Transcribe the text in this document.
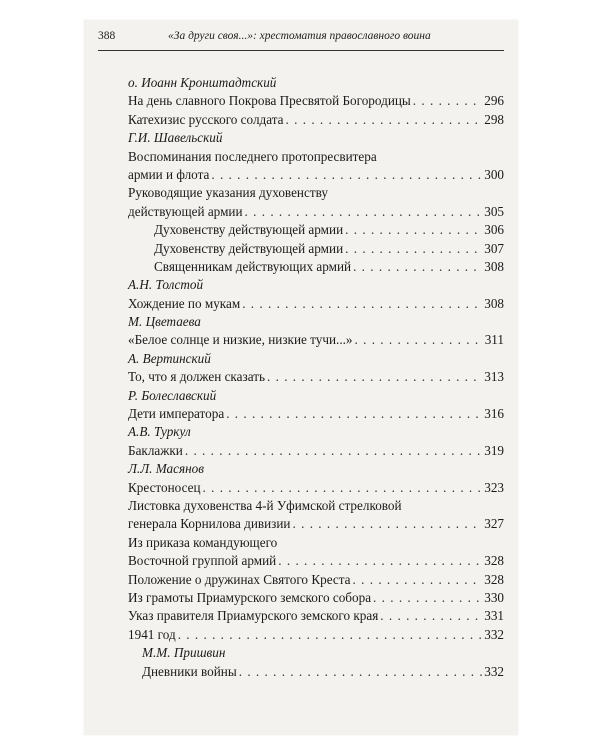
388	«За други своя...»: хрестоматия православного воина
о. Иоанн Кронштадтский
На день славного Покрова Пресвятой Богородицы . . .	296
Катехизис русского солдата . . .	298
Г.И. Шавельский
Воспоминания последнего протопресвитера
армии и флота . . .	300
Руководящие указания духовенству
действующей армии . . .	305
Духовенству действующей армии . . .	306
Духовенству действующей армии . . .	307
Священникам действующих армий . . .	308
А.Н. Толстой
Хождение по мукам . . .	308
М. Цветаева
«Белое солнце и низкие, низкие тучи...» . . .	311
А. Вертинский
То, что я должен сказать . . .	313
Р. Болеславский
Дети императора . . .	316
А.В. Туркул
Баклажки . . .	319
Л.Л. Масянов
Крестоносец . . .	323
Листовка духовенства 4-й Уфимской стрелковой
генерала Корнилова дивизии . . .	327
Из приказа командующего
Восточной группой армий . . .	328
Положение о дружинах Святого Креста . . .	328
Из грамоты Приамурского земского собора . . .	330
Указ правителя Приамурского земского края . . .	331
1941 год . . .	332
М.М. Пришвин
Дневники войны . . .	332
